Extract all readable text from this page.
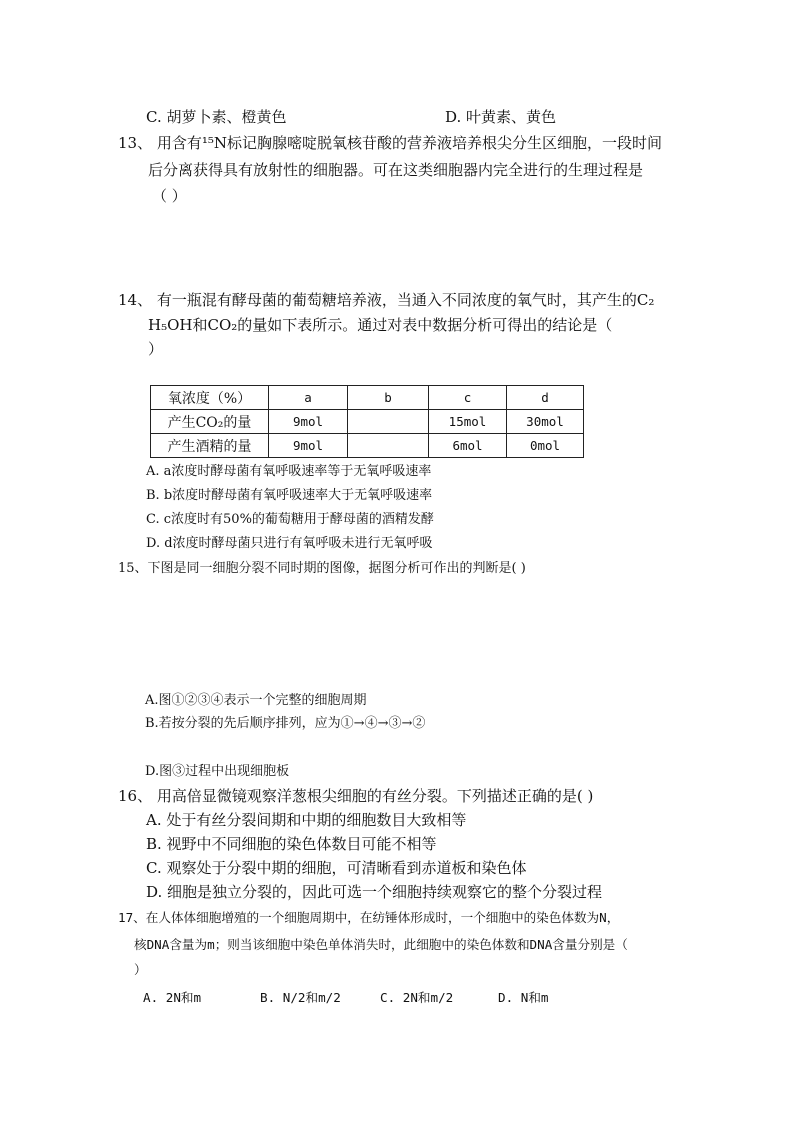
C. 胡萝卜素、橙黄色	D. 叶黄素、黄色
13、 用含有¹⁵N标记胸腺嘧啶脱氧核苷酸的营养液培养根尖分生区细胞，一段时间
后分离获得具有放射性的细胞器。可在这类细胞器内完全进行的生理过程是
（ ）
14、 有一瓶混有酵母菌的葡萄糖培养液，当通入不同浓度的氧气时，其产生的C₂
H₅OH和CO₂的量如下表所示。通过对表中数据分析可得出的结论是（
）
氧浓度（%）	a	b	c	d
产生CO₂的量	9mol		15mol	30mol
产生酒精的量	9mol		6mol	0mol
A. a浓度时酵母菌有氧呼吸速率等于无氧呼吸速率
B. b浓度时酵母菌有氧呼吸速率大于无氧呼吸速率
C. c浓度时有50%的葡萄糖用于酵母菌的酒精发酵
D. d浓度时酵母菌只进行有氧呼吸未进行无氧呼吸
15、下图是同一细胞分裂不同时期的图像，据图分析可作出的判断是( )
A.图①②③④表示一个完整的细胞周期
B.若按分裂的先后顺序排列，应为①→④→③→②
D.图③过程中出现细胞板
16、 用高倍显微镜观察洋葱根尖细胞的有丝分裂。下列描述正确的是( )
A. 处于有丝分裂间期和中期的细胞数目大致相等
B. 视野中不同细胞的染色体数目可能不相等
C. 观察处于分裂中期的细胞，可清晰看到赤道板和染色体
D. 细胞是独立分裂的，因此可选一个细胞持续观察它的整个分裂过程
17、在人体体细胞增殖的一个细胞周期中，在纺锤体形成时，一个细胞中的染色体数为N，
核DNA含量为m；则当该细胞中染色单体消失时，此细胞中的染色体数和DNA含量分别是（
）
A. 2N和m	B. N/2和m/2	C. 2N和m/2	D. N和m
